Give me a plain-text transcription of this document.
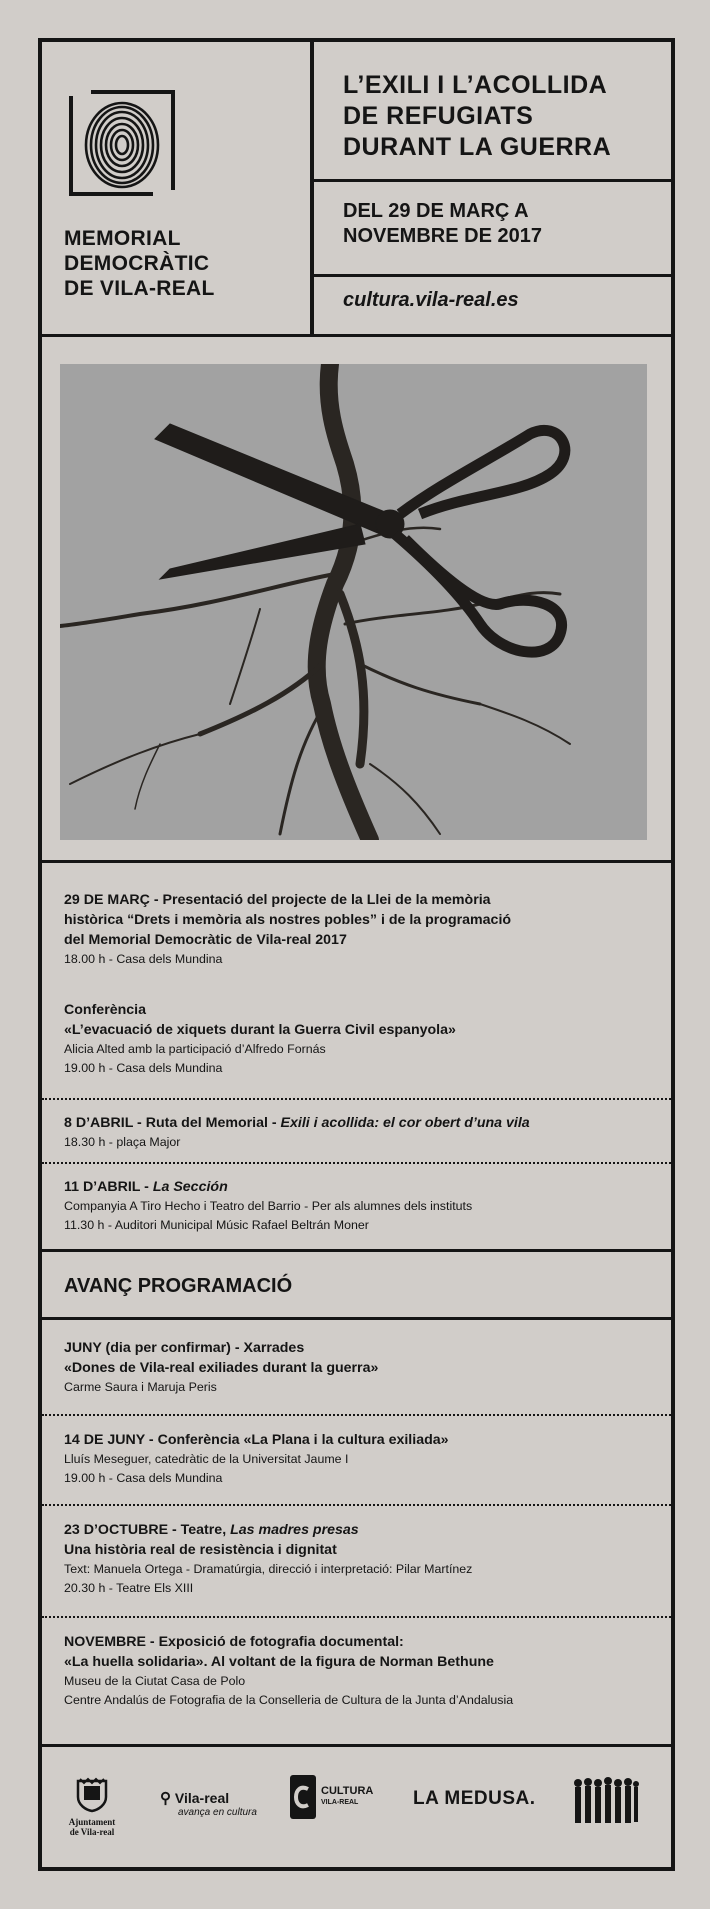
MEMORIAL
DEMOCRÀTIC
DE VILA-REAL
L’EXILI I L’ACOLLIDA
DE REFUGIATS
DURANT LA GUERRA
DEL 29 DE MARÇ A
NOVEMBRE DE 2017
cultura.vila-real.es
29 DE MARÇ - Presentació del projecte de la Llei de la memòria
històrica “Drets i memòria als nostres pobles” i de la programació
del Memorial Democràtic de Vila-real 2017
18.00 h - Casa dels Mundina
Conferència
«L’evacuació de xiquets durant la Guerra Civil espanyola»
Alicia Alted amb la participació d’Alfredo Fornás
19.00 h - Casa dels Mundina
8 D’ABRIL - Ruta del Memorial - Exili i acollida: el cor obert d’una vila
18.30 h - plaça Major
11 D’ABRIL - La Sección
Companyia A Tiro Hecho i Teatro del Barrio - Per als alumnes dels instituts
11.30 h - Auditori Municipal Músic Rafael Beltrán Moner
AVANÇ PROGRAMACIÓ
JUNY (dia per confirmar) - Xarrades
«Dones de Vila-real exiliades durant la guerra»
Carme Saura i Maruja Peris
14 DE JUNY - Conferència «La Plana i la cultura exiliada»
Lluís Meseguer, catedràtic de la Universitat Jaume I
19.00 h - Casa dels Mundina
23 D’OCTUBRE - Teatre, Las madres presas
Una història real de resistència i dignitat
Text: Manuela Ortega - Dramatúrgia, direcció i interpretació: Pilar Martínez
20.30 h - Teatre Els XIII
NOVEMBRE - Exposició de fotografia documental:
«La huella solidaria». Al voltant de la figura de Norman Bethune
Museu de la Ciutat Casa de Polo
Centre Andalús de Fotografia de la Conselleria de Cultura de la Junta d’Andalusia
Ajuntament
de Vila-real
⚲ Vila-real
avança en cultura
CULTURA
VILA-REAL	LA MEDUSA.
